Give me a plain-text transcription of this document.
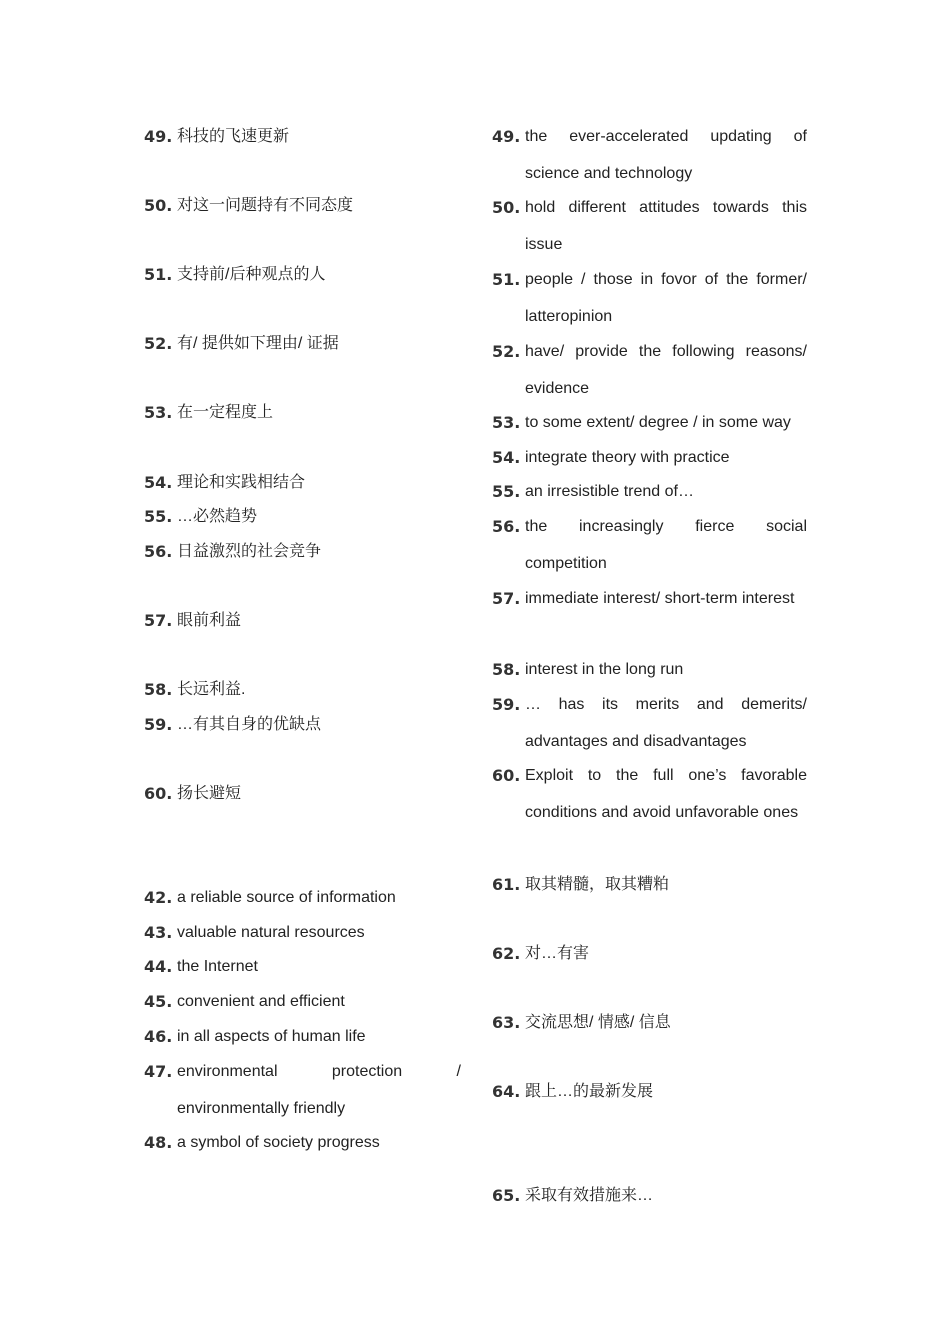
49. 科技的飞速更新
50. 对这一问题持有不同态度
51. 支持前/后种观点的人
52. 有/ 提供如下理由/ 证据
53. 在一定程度上
54. 理论和实践相结合
55. …必然趋势
56. 日益激烈的社会竞争
57. 眼前利益
58. 长远利益.
59. …有其自身的优缺点
60. 扬长避短
42. a reliable source of information
43. valuable natural resources
44. the Internet
45. convenient and efficient
46. in all aspects of human life
47. environmental protection / environmentally friendly
48. a symbol of society progress
49. the ever-accelerated updating of science and technology
50. hold different attitudes towards this issue
51. people / those in fovor of the former/ latteropinion
52. have/ provide the following reasons/ evidence
53. to some extent/ degree / in some way
54. integrate theory with practice
55. an irresistible trend of…
56. the increasingly fierce social competition
57. immediate interest/ short-term interest
58. interest in the long run
59. … has its merits and demerits/ advantages and disadvantages
60. Exploit to the full one’s favorable conditions and avoid unfavorable ones
61. 取其精髓，取其糟粕
62. 对…有害
63. 交流思想/ 情感/ 信息
64. 跟上…的最新发展
65. 采取有效措施来…
